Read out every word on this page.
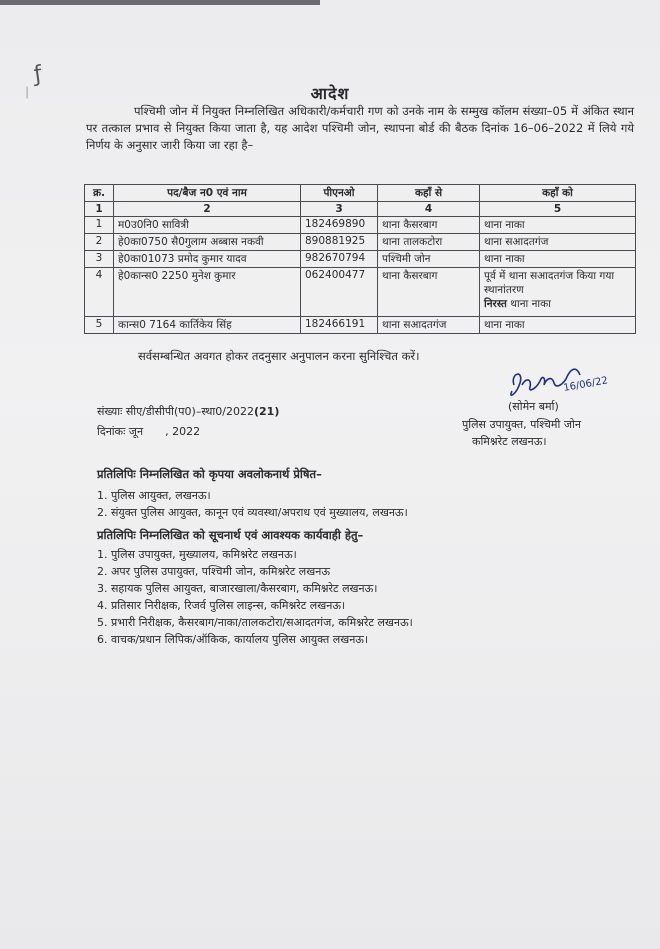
ƒ
│	आदेश
पश्चिमी जोन में नियुक्त निम्नलिखित अधिकारी/कर्मचारी गण को उनके नाम के सम्मुख कॉलम संख्या–05 में अंकित स्थान पर तत्काल प्रभाव से नियुक्त किया जाता है, यह आदेश पश्चिमी जोन, स्थापना बोर्ड की बैठक दिनांक 16–06–2022 में लिये गये निर्णय के अनुसार जारी किया जा रहा है–
क्र.	पद/बैज न0 एवं नाम	पीएनओ	कहाँ से	कहाँ को
1	2	3	4	5
1	म0उ0नि0 सावित्री	182469890	थाना कैसरबाग	थाना नाका
2	हे0का0750 सै0गुलाम अब्बास नकवी	890881925	थाना तालकटोरा	थाना सआदतगंज
3	हे0का01073 प्रमोद कुमार यादव	982670794	पश्चिमी जोन	थाना नाका
4	हे0कान्स0 2250 मुनेश कुमार	062400477	थाना कैसरबाग	पूर्व में थाना सआदतगंज किया गया स्थानांतरण
निरस्त थाना नाका
5	कान्स0 7164 कार्तिकेय सिंह	182466191	थाना सआदतगंज	थाना नाका
सर्वसम्बन्धित अवगत होकर तदनुसार अनुपालन करना सुनिश्चित करें।
16/06/22
(सोमेन बर्मा)
पुलिस उपायुक्त, पश्चिमी जोन
कमिश्नरेट लखनऊ।
संख्याः सीए/डीसीपी(प0)–स्था0/2022(21)
दिनांकः जून , 2022
प्रतिलिपिः निम्नलिखित को कृपया अवलोकनार्थ प्रेषित–
1. पुलिस आयुक्त, लखनऊ।
2. संयुक्त पुलिस आयुक्त, कानून एवं व्यवस्था/अपराध एवं मुख्यालय, लखनऊ।
प्रतिलिपिः निम्नलिखित को सूचनार्थ एवं आवश्यक कार्यवाही हेतु–
1. पुलिस उपायुक्त, मुख्यालय, कमिश्नरेट लखनऊ।
2. अपर पुलिस उपायुक्त, पश्चिमी जोन, कमिश्नरेट लखनऊ
3. सहायक पुलिस आयुक्त, बाजारखाला/कैसरबाग, कमिश्नरेट लखनऊ।
4. प्रतिसार निरीक्षक, रिजर्व पुलिस लाइन्स, कमिश्नरेट लखनऊ।
5. प्रभारी निरीक्षक, कैसरबाग/नाका/तालकटोरा/सआदतगंज, कमिश्नरेट लखनऊ।
6. वाचक/प्रधान लिपिक/ऑकिक, कार्यालय पुलिस आयुक्त लखनऊ।
